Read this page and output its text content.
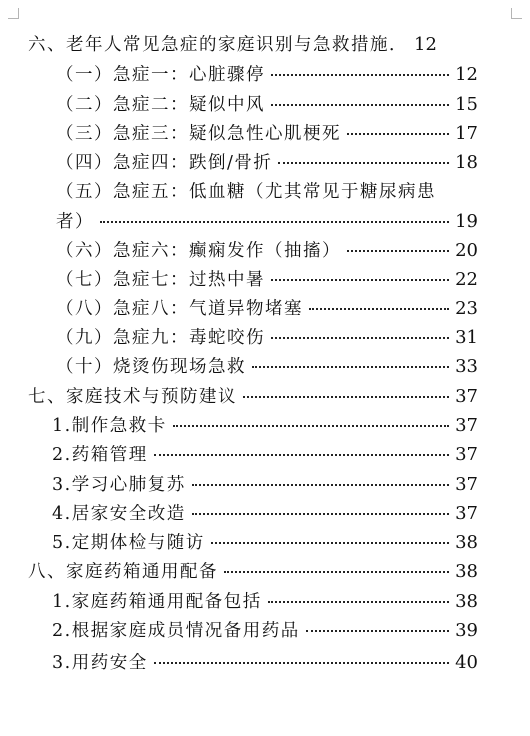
六、老年人常见急症的家庭识别与急救措施． 12
（一）急症一：心脏骤停	12
（二）急症二：疑似中风	15
（三）急症三：疑似急性心肌梗死	17
（四）急症四：跌倒/骨折	18
（五）急症五：低血糖（尤其常见于糖尿病患
者）	19
（六）急症六：癫痫发作（抽搐）	20
（七）急症七：过热中暑	22
（八）急症八：气道异物堵塞	23
（九）急症九：毒蛇咬伤	31
（十）烧烫伤现场急救	33
七、家庭技术与预防建议	37
1.制作急救卡	37
2.药箱管理	37
3.学习心肺复苏	37
4.居家安全改造	37
5.定期体检与随访	38
八、家庭药箱通用配备	38
1.家庭药箱通用配备包括	38
2.根据家庭成员情况备用药品	39
3.用药安全	40
